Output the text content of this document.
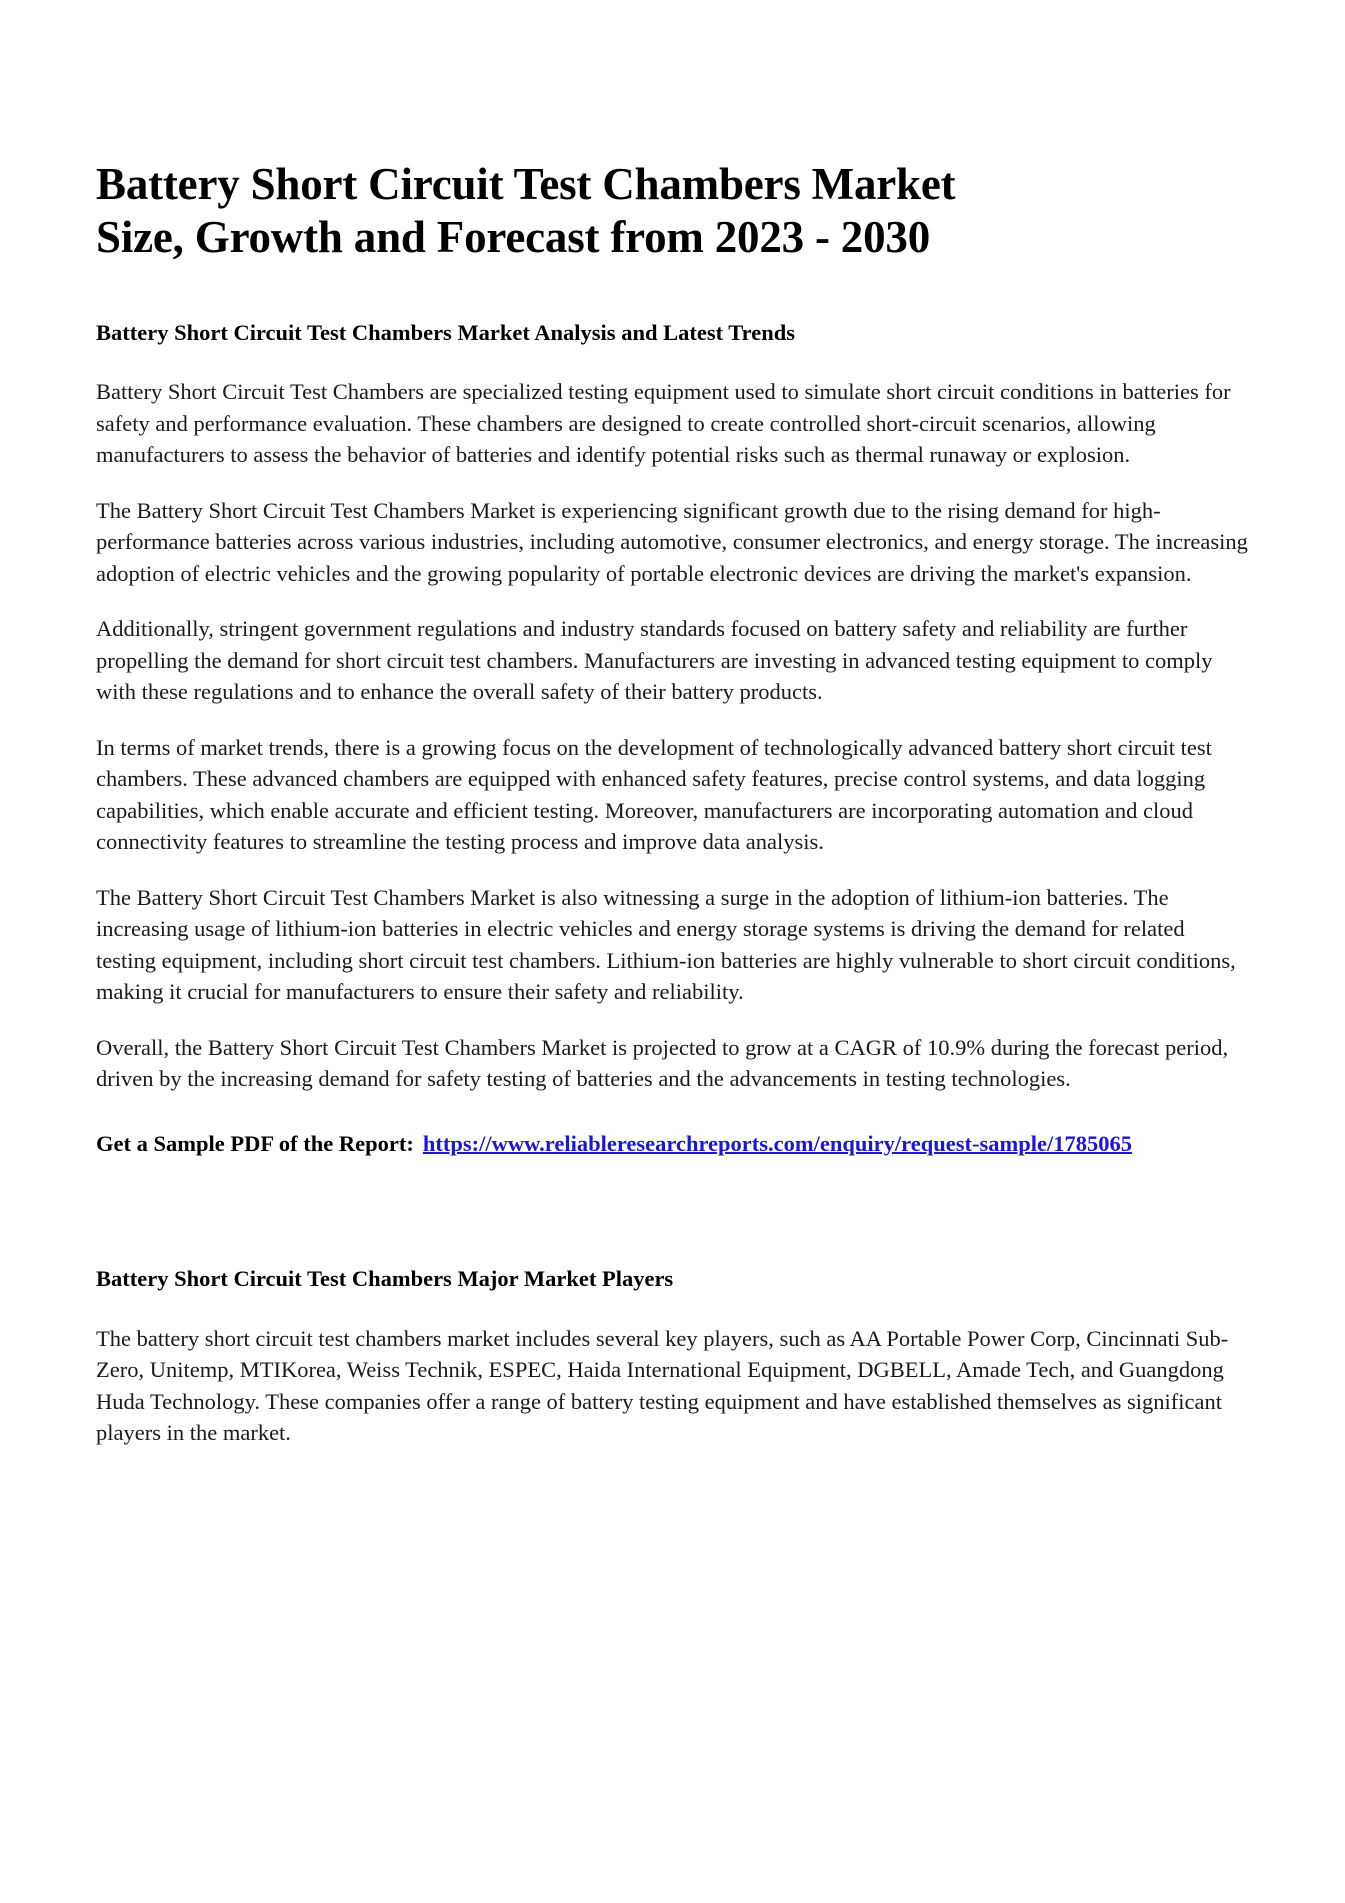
Battery Short Circuit Test Chambers Market
Size, Growth and Forecast from 2023 - 2030
Battery Short Circuit Test Chambers Market Analysis and Latest Trends

Battery Short Circuit Test Chambers are specialized testing equipment used to simulate short circuit conditions in batteries for safety and performance evaluation. These chambers are designed to create controlled short-circuit scenarios, allowing manufacturers to assess the behavior of batteries and identify potential risks such as thermal runaway or explosion.

The Battery Short Circuit Test Chambers Market is experiencing significant growth due to the rising demand for high-performance batteries across various industries, including automotive, consumer electronics, and energy storage. The increasing adoption of electric vehicles and the growing popularity of portable electronic devices are driving the market's expansion.

Additionally, stringent government regulations and industry standards focused on battery safety and reliability are further propelling the demand for short circuit test chambers. Manufacturers are investing in advanced testing equipment to comply with these regulations and to enhance the overall safety of their battery products.

In terms of market trends, there is a growing focus on the development of technologically advanced battery short circuit test chambers. These advanced chambers are equipped with enhanced safety features, precise control systems, and data logging capabilities, which enable accurate and efficient testing. Moreover, manufacturers are incorporating automation and cloud connectivity features to streamline the testing process and improve data analysis.

The Battery Short Circuit Test Chambers Market is also witnessing a surge in the adoption of lithium-ion batteries. The increasing usage of lithium-ion batteries in electric vehicles and energy storage systems is driving the demand for related testing equipment, including short circuit test chambers. Lithium-ion batteries are highly vulnerable to short circuit conditions, making it crucial for manufacturers to ensure their safety and reliability.

Overall, the Battery Short Circuit Test Chambers Market is projected to grow at a CAGR of 10.9% during the forecast period, driven by the increasing demand for safety testing of batteries and the advancements in testing technologies.

Get a Sample PDF of the Report: https://www.reliableresearchreports.com/enquiry/request-sample/1785065
Battery Short Circuit Test Chambers Major Market Players

The battery short circuit test chambers market includes several key players, such as AA Portable Power Corp, Cincinnati Sub-Zero, Unitemp, MTIKorea, Weiss Technik, ESPEC, Haida International Equipment, DGBELL, Amade Tech, and Guangdong Huda Technology. These companies offer a range of battery testing equipment and have established themselves as significant players in the market.
